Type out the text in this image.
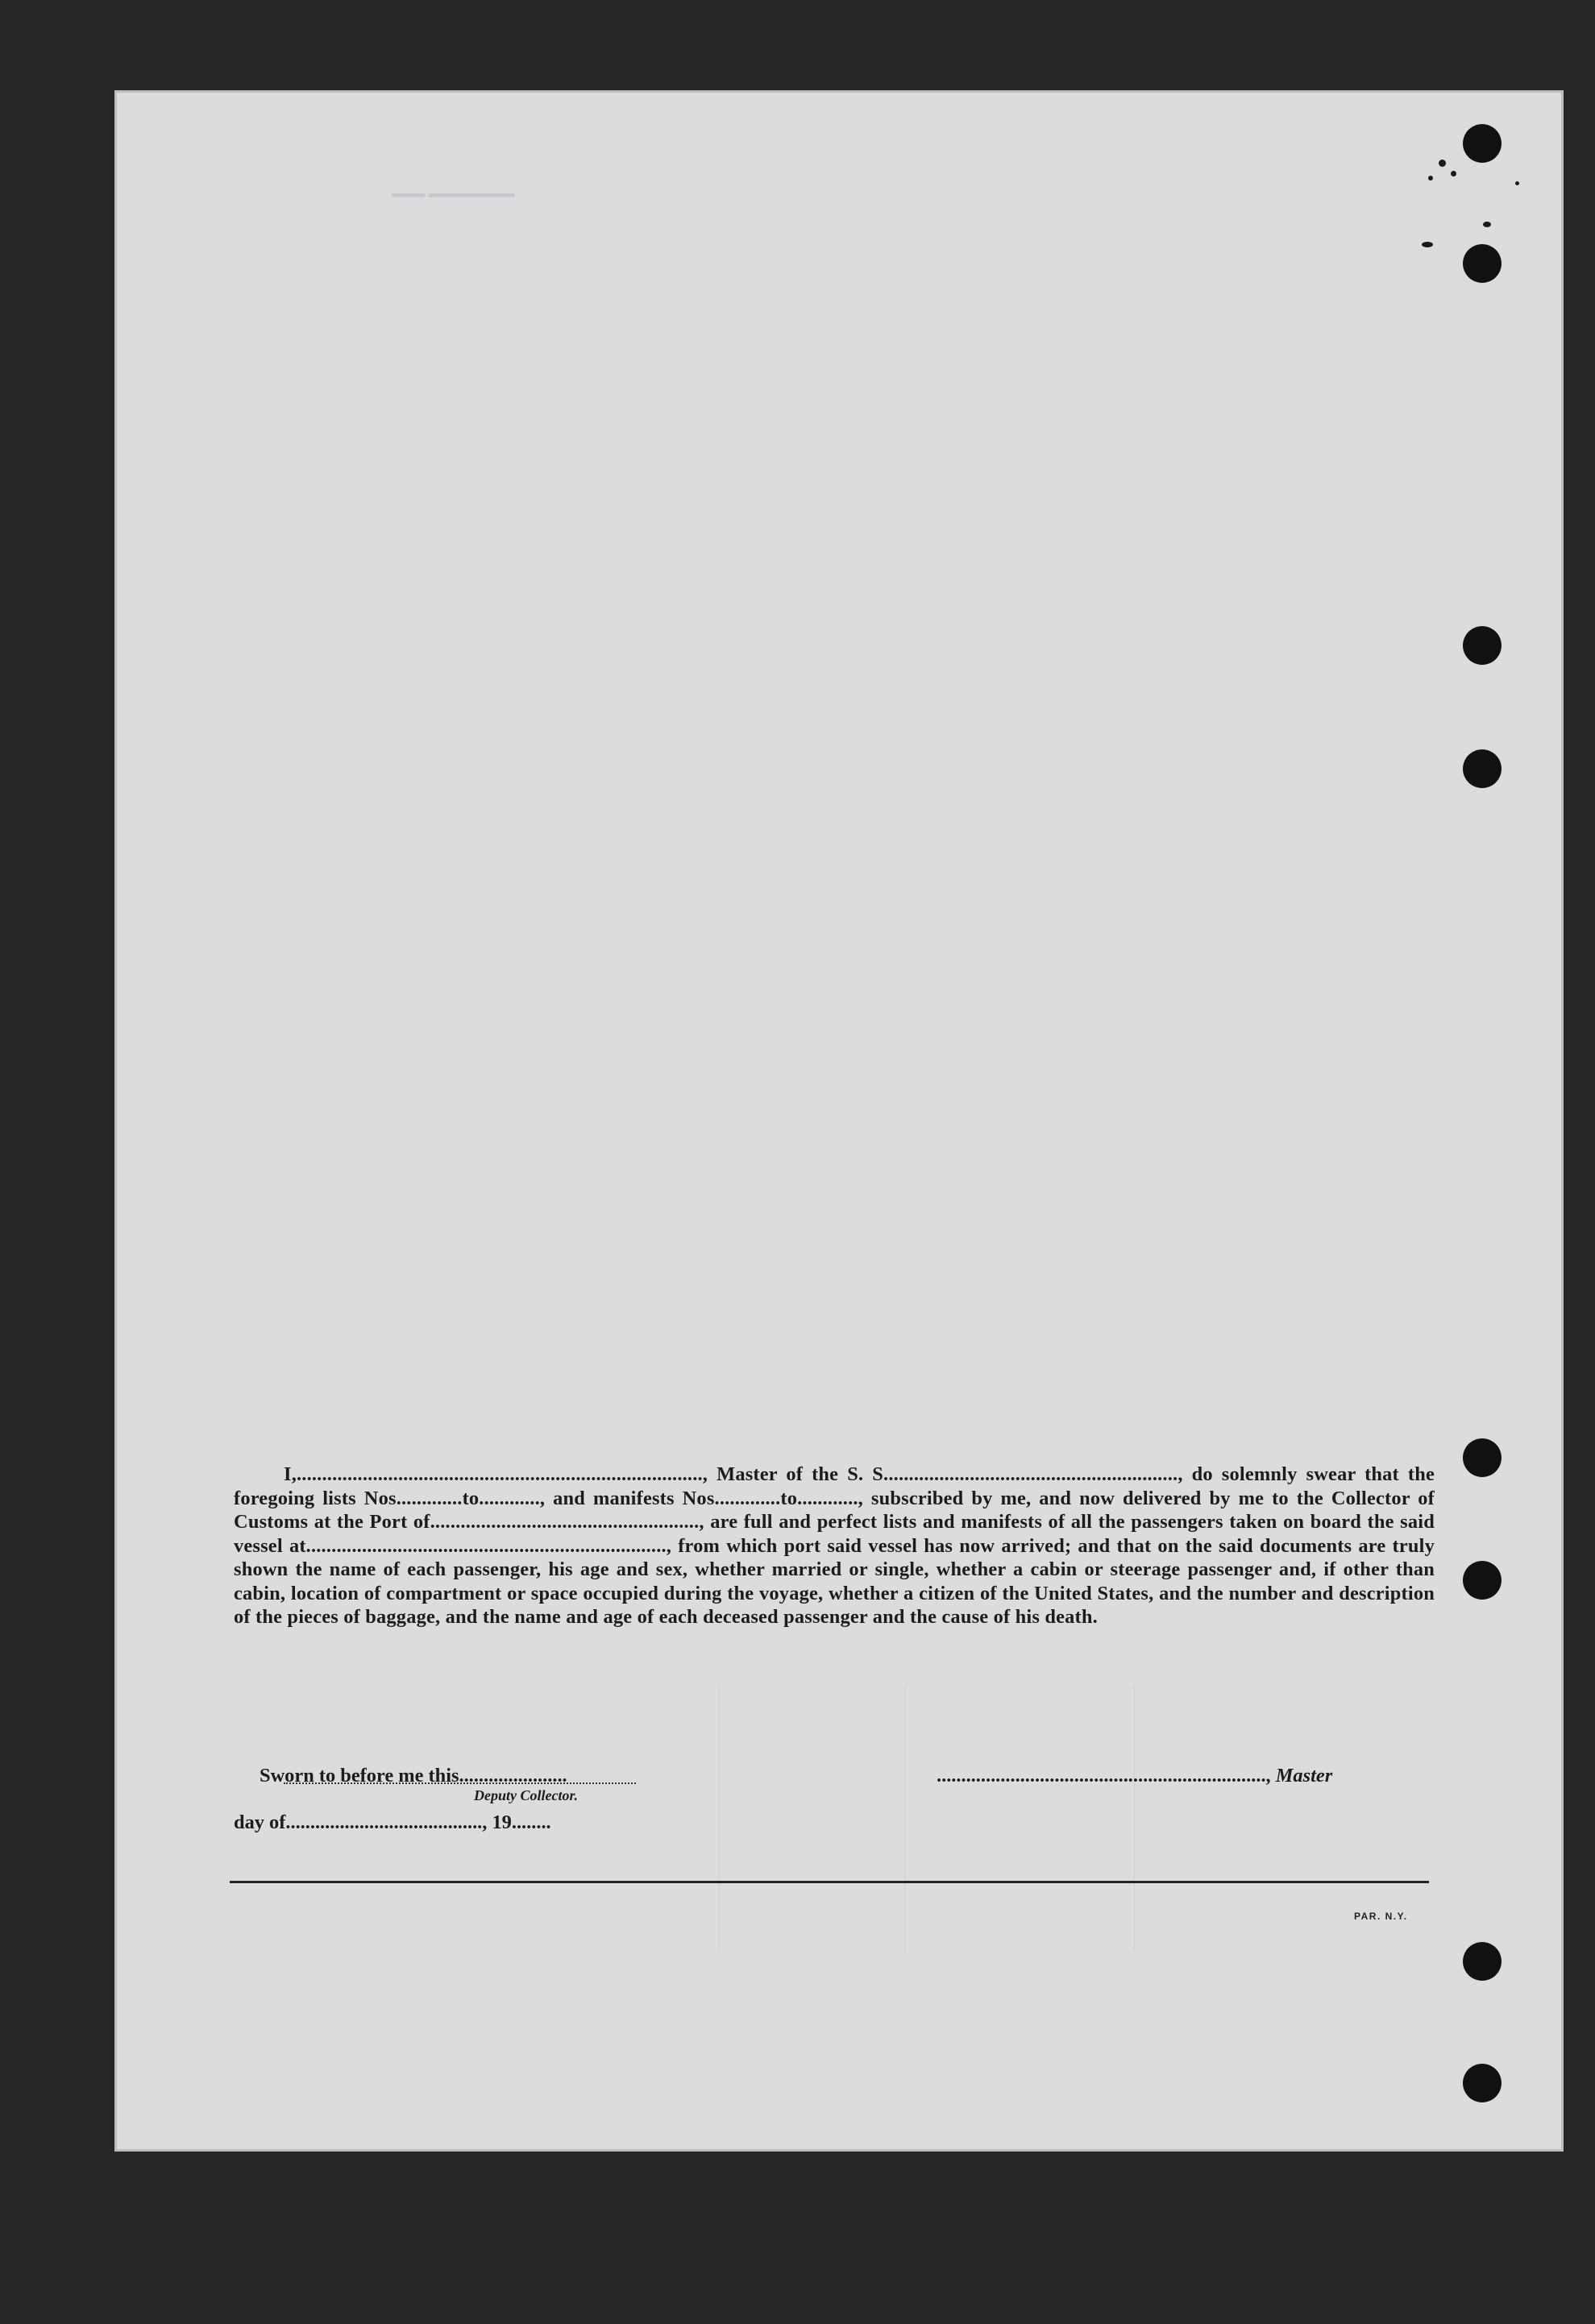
━━━ ━━━━━━━━
I,................................................................................, Master of the S. S.........................................................., do solemnly swear that the foregoing lists Nos.............to............, and manifests Nos.............to............, subscribed by me, and now delivered by me to the Collector of Customs at the Port of....................................................., are full and perfect lists and manifests of all the passengers taken on board the said vessel at......................................................................., from which port said vessel has now arrived; and that on the said documents are truly shown the name of each passenger, his age and sex, whether married or single, whether a cabin or steerage passenger and, if other than cabin, location of compartment or space occupied during the voyage, whether a citizen of the United States, and the number and description of the pieces of baggage, and the name and age of each deceased passenger and the cause of his death.
Sworn to before me this......................
day of........................................, 19........
..................................................................., Master
Deputy Collector.
PAR. N.Y.
